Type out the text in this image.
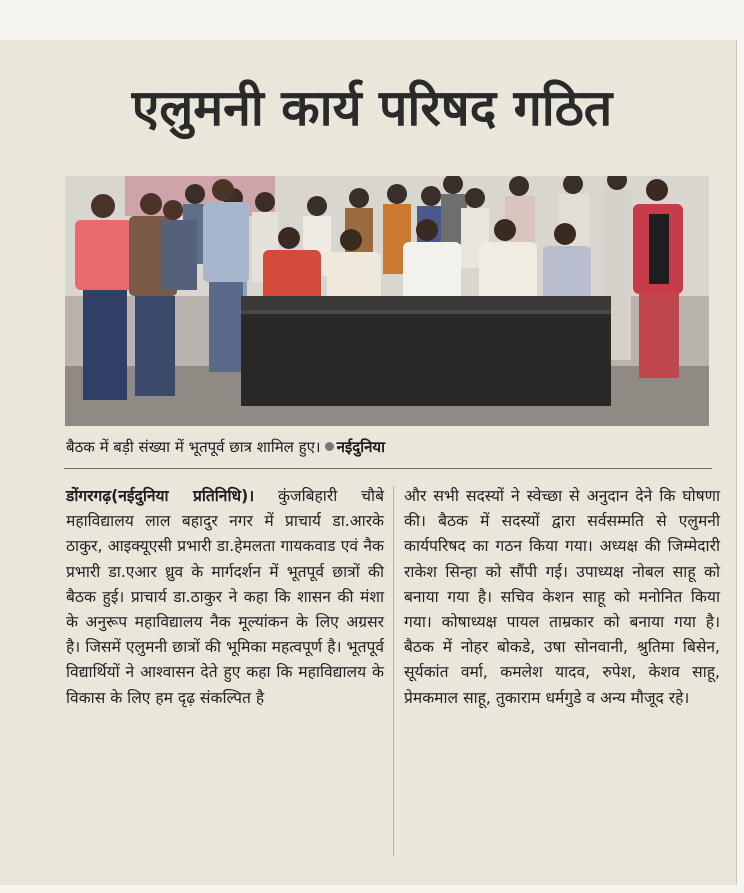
एलुमनी कार्य परिषद गठित
बैठक में बड़ी संख्या में भूतपूर्व छात्र शामिल हुए। नईदुनिया

डोंगरगढ़(नईदुनिया प्रतिनिधि)। कुंजबिहारी चौबे महाविद्यालय लाल बहादुर नगर में प्राचार्य डा.आरके ठाकुर, आइक्यूएसी प्रभारी डा.हेमलता गायकवाड एवं नैक प्रभारी डा.एआर ध्रुव के मार्गदर्शन में भूतपूर्व छात्रों की बैठक हुई। प्राचार्य डा.ठाकुर ने कहा कि शासन की मंशा के अनुरूप महाविद्यालय नैक मूल्यांकन के लिए अग्रसर है। जिसमें एलुमनी छात्रों की भूमिका महत्वपूर्ण है। भूतपूर्व विद्यार्थियों ने आश्वासन देते हुए कहा कि महाविद्यालय के विकास के लिए हम दृढ़ संकल्पित है

और सभी सदस्यों ने स्वेच्छा से अनुदान देने कि घोषणा की। बैठक में सदस्यों द्वारा सर्वसम्मति से एलुमनी कार्यपरिषद का गठन किया गया। अध्यक्ष की जिम्मेदारी राकेश सिन्हा को सौंपी गई। उपाध्यक्ष नोबल साहू को बनाया गया है। सचिव केशन साहू को मनोनित किया गया। कोषाध्यक्ष पायल ताम्रकार को बनाया गया है। बैठक में नोहर बोकडे, उषा सोनवानी, श्रुतिमा बिसेन, सूर्यकांत वर्मा, कमलेश यादव, रुपेश, केशव साहू, प्रेमकमाल साहू, तुकाराम धर्मगुडे व अन्य मौजूद रहे।
